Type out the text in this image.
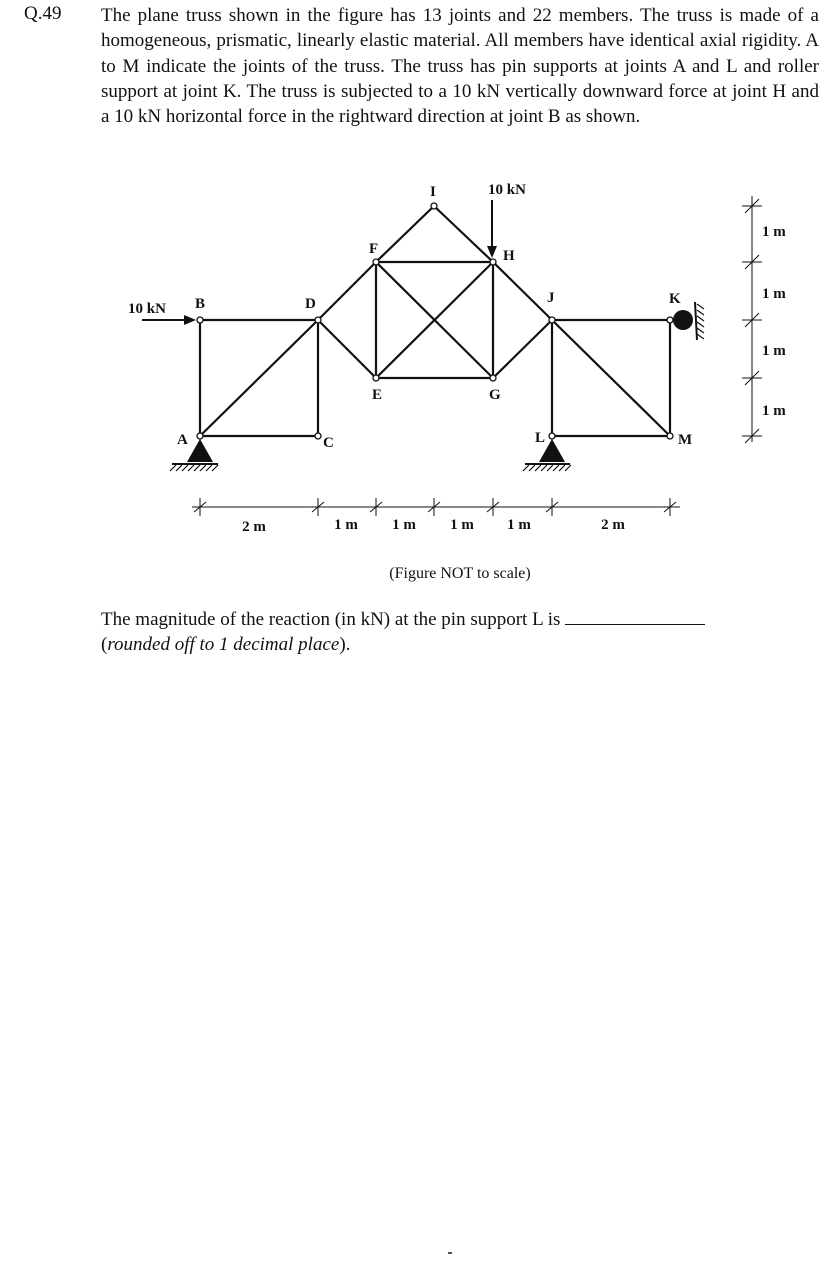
Q.49 The plane truss shown in the figure has 13 joints and 22 members. The truss is made of a homogeneous, prismatic, linearly elastic material. All members have identical axial rigidity. A to M indicate the joints of the truss. The truss has pin supports at joints A and L and roller support at joint K. The truss is subjected to a 10 kN vertically downward force at joint H and a 10 kN horizontal force in the rightward direction at joint B as shown.
10 kN
10 kN
A
B
C
D
E
F
G
H
I
J	K
L	M
2 m	1 m 1 m 1 m 1 m	2 m
1 m
1 m
1 m
1 m
(Figure NOT to scale)
The magnitude of the reaction (in kN) at the pin support L is
(rounded off to 1 decimal place).
